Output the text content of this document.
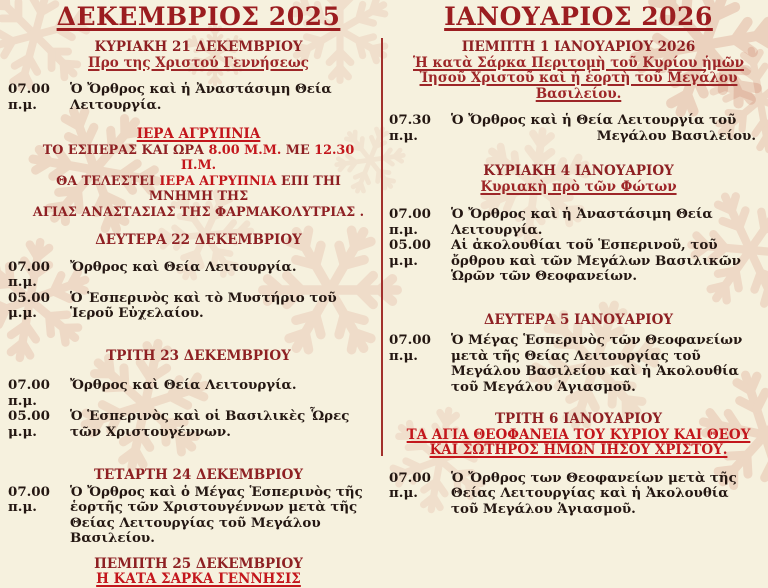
ΔΕΚΕΜΒΡΙΟΣ 2025
ΚΥΡΙΑΚΗ 21 ΔΕΚΕΜΒΡΙΟΥ
Προ της Χριστού Γεννήσεως
07.00 π.μ.
Ὁ Ὄρθρος καὶ ἡ Ἀναστάσιμη Θεία Λειτουργία.
ΙΕΡΑ ΑΓΡΥΠΝΙΑ
ΤΟ ΕΣΠΕΡΑΣ ΚΑΙ ΩΡΑ 8.00 Μ.Μ. ΜΕ 12.30 Π.Μ.
ΘΑ ΤΕΛΕΣΤΕΙ ΙΕΡΑ ΑΓΡΥΠΝΙΑ ΕΠΙ ΤΗΙ ΜΝΗΜΗ ΤΗΣ
ΑΓΙΑΣ ΑΝΑΣΤΑΣΙΑΣ ΤΗΣ ΦΑΡΜΑΚΟΛΥΤΡΙΑΣ .
ΔΕΥΤΕΡΑ 22 ΔΕΚΕΜΒΡΙΟΥ
07.00 π.μ.
Ὄρθρος καὶ Θεία Λειτουργία.
05.00 μ.μ.
Ὁ Ἑσπερινὸς καὶ τὸ Μυστήριο τοῦ Ἱεροῦ Εὐχελαίου.
ΤΡΙΤΗ 23 ΔΕΚΕΜΒΡΙΟΥ
07.00 π.μ.
Ὄρθρος καὶ Θεία Λειτουργία.
05.00 μ.μ.
Ὁ Ἑσπερινὸς καὶ οἱ Βασιλικὲς Ὧρες τῶν Χριστουγέννων.
ΤΕΤΑΡΤΗ 24 ΔΕΚΕΜΒΡΙΟΥ
07.00 π.μ.
Ὁ Ὄρθρος καὶ ὁ Μέγας Ἑσπερινὸς τῆς ἑορτῆς τῶν Χριστουγέννων μετὰ τῆς Θείας Λειτουργίας τοῦ Μεγάλου Βασιλείου.
ΠΕΜΠΤΗ 25 ΔΕΚΕΜΒΡΙΟΥ
Η ΚΑΤΑ ΣΑΡΚΑ ΓΕΝΝΗΣΙΣ
ΙΑΝΟΥΑΡΙΟΣ 2026
ΠΕΜΠΤΗ 1 ΙΑΝΟΥΑΡΙΟΥ 2026
Ἡ κατὰ Σάρκα Περιτομὴ τοῦ Κυρίου ἡμῶν
Ἰησοῦ Χριστοῦ καὶ ἡ ἑορτὴ τοῦ Μεγάλου Βασιλείου.
07.30 π.μ.
Ὁ Ὄρθρος καὶ ἡ Θεία Λειτουργία τοῦ
Μεγάλου Βασιλείου.
ΚΥΡΙΑΚΗ 4 ΙΑΝΟΥΑΡΙΟΥ
Κυριακὴ πρὸ τῶν Φώτων
07.00 π.μ.
Ὁ Ὄρθρος καὶ ἡ Ἀναστάσιμη Θεία Λειτουργία.
05.00 μ.μ.
Αἱ ἀκολουθίαι τοῦ Ἑσπερινοῦ, τοῦ ὄρθρου καὶ τῶν Μεγάλων Βασιλικῶν Ὡρῶν τῶν Θεοφανείων.
ΔΕΥΤΕΡΑ 5 ΙΑΝΟΥΑΡΙΟΥ
07.00 π.μ.
Ὁ Μέγας Ἑσπερινὸς τῶν Θεοφανείων μετὰ τῆς Θείας Λειτουργίας τοῦ Μεγάλου Βασιλείου καὶ ἡ Ἀκολουθία τοῦ Μεγάλου Ἁγιασμοῦ.
ΤΡΙΤΗ 6 ΙΑΝΟΥΑΡΙΟΥ
ΤΑ ΑΓΙΑ ΘΕΟΦΑΝΕΙΑ ΤΟΥ ΚΥΡΙΟΥ ΚΑΙ ΘΕΟΥ
ΚΑΙ ΣΩΤΗΡΟΣ ΗΜΩΝ ΙΗΣΟΥ ΧΡΙΣΤΟΥ.
07.00 π.μ.
Ὁ Ὄρθρος των Θεοφανείων μετὰ τῆς Θείας Λειτουργίας καὶ ἡ Ἀκολουθία τοῦ Μεγάλου Ἁγιασμοῦ.
